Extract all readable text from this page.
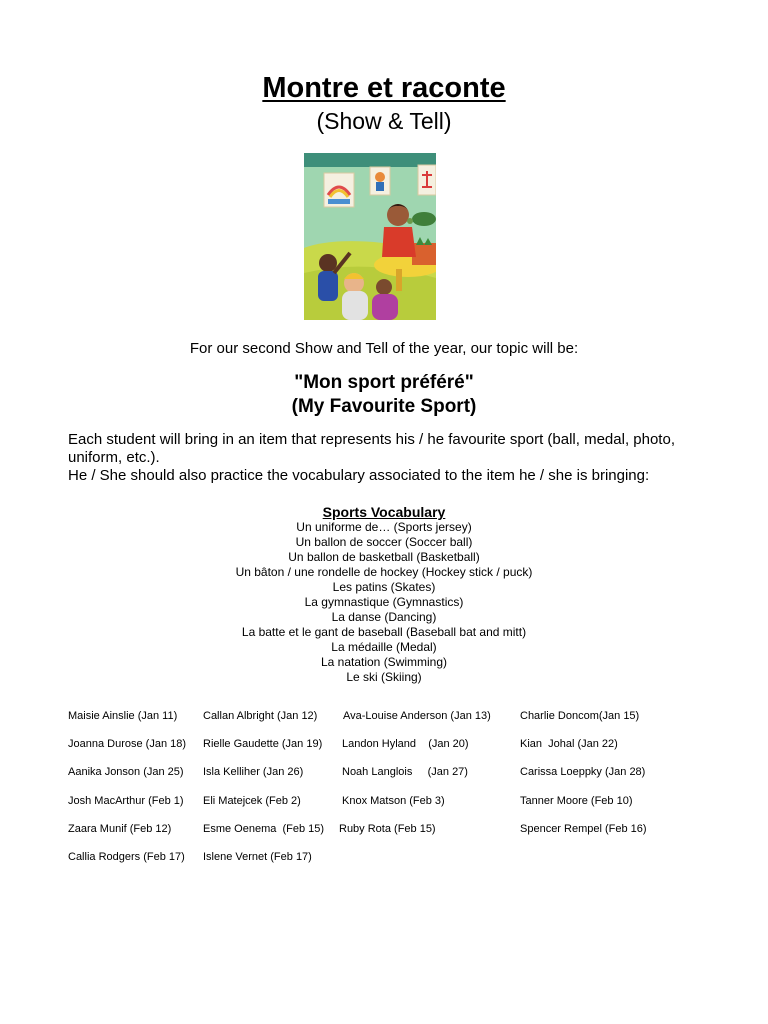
Montre et raconte
(Show & Tell)
For our second Show and Tell of the year, our topic will be:
"Mon sport préféré"
(My Favourite Sport)

Each student will bring in an item that represents his / he favourite sport (ball, medal, photo, uniform, etc.).

He / She should also practice the vocabulary associated to the item he / she is bringing:

Sports Vocabulary
Un uniforme de… (Sports jersey)
Un ballon de soccer (Soccer ball)
Un ballon de basketball (Basketball)
Un bâton / une rondelle de hockey (Hockey stick / puck)
Les patins (Skates)
La gymnastique (Gymnastics)
La danse (Dancing)
La batte et le gant de baseball (Baseball bat and mitt)
La médaille (Medal)
La natation (Swimming)
Le ski (Skiing)
Maisie Ainslie (Jan 11) Callan Albright (Jan 12) Ava-Louise Anderson (Jan 13)	Charlie Doncom(Jan 15)
Joanna Durose (Jan 18) Rielle Gaudette (Jan 19) Landon Hyland    (Jan 20)	Kian  Johal (Jan 22)
Aanika Jonson (Jan 25) Isla Kelliher (Jan 26)	Noah Langlois     (Jan 27)	Carissa Loeppky (Jan 28)
Josh MacArthur (Feb 1) Eli Matejcek (Feb 2)	Knox Matson (Feb 3)	Tanner Moore (Feb 10)
Zaara Munif (Feb 12)	Esme Oenema  (Feb 15) Ruby Rota (Feb 15)	Spencer Rempel (Feb 16)
Callia Rodgers (Feb 17) Islene Vernet (Feb 17)
